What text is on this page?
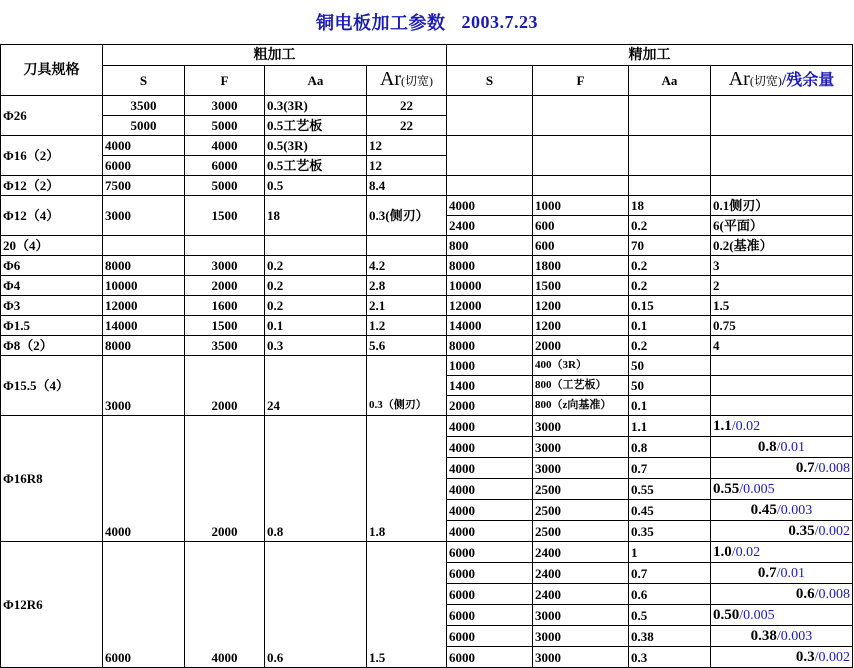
铜电板加工参数 2003.7.23
刀具规格	粗加工				精加工			
	S	F	Aa	Ar(切宽)	S	F	Aa	Ar(切宽)/残余量
Φ26	3500	3000	0.3(3R)	22				
	5000	5000	0.5工艺板	22				
Φ16（2）	4000	4000	0.5(3R)	12				
	6000	6000	0.5工艺板	12				
Φ12（2）	7500	5000	0.5	8.4				
Φ12（4）	3000	1500	18	0.3(侧刃）	4000	1000	18	0.1侧刃）
					2400	600	0.2	6(平面）
20（4）					800	600	70	0.2(基准）
Φ6	8000	3000	0.2	4.2	8000	1800	0.2	3
Φ4	10000	2000	0.2	2.8	10000	1500	0.2	2
Φ3	12000	1600	0.2	2.1	12000	1200	0.15	1.5
Φ1.5	14000	1500	0.1	1.2	14000	1200	0.1	0.75
Φ8（2）	8000	3500	0.3	5.6	8000	2000	0.2	4
Φ15.5（4）	3000	2000	24	0.3（侧刃）	1000	400（3R）	50	
					1400	800（工艺板）	50	
					2000	800（z向基准）	0.1	
Φ16R8	4000	2000	0.8	1.8	4000	3000	1.1	1.1/0.02
					4000	3000	0.8	0.8/0.01
					4000	3000	0.7	0.7/0.008
					4000	2500	0.55	0.55/0.005
					4000	2500	0.45	0.45/0.003
					4000	2500	0.35	0.35/0.002
Φ12R6	6000	4000	0.6	1.5	6000	2400	1	1.0/0.02
					6000	2400	0.7	0.7/0.01
					6000	2400	0.6	0.6/0.008
					6000	3000	0.5	0.50/0.005
					6000	3000	0.38	0.38/0.003
					6000	3000	0.3	0.3/0.002
